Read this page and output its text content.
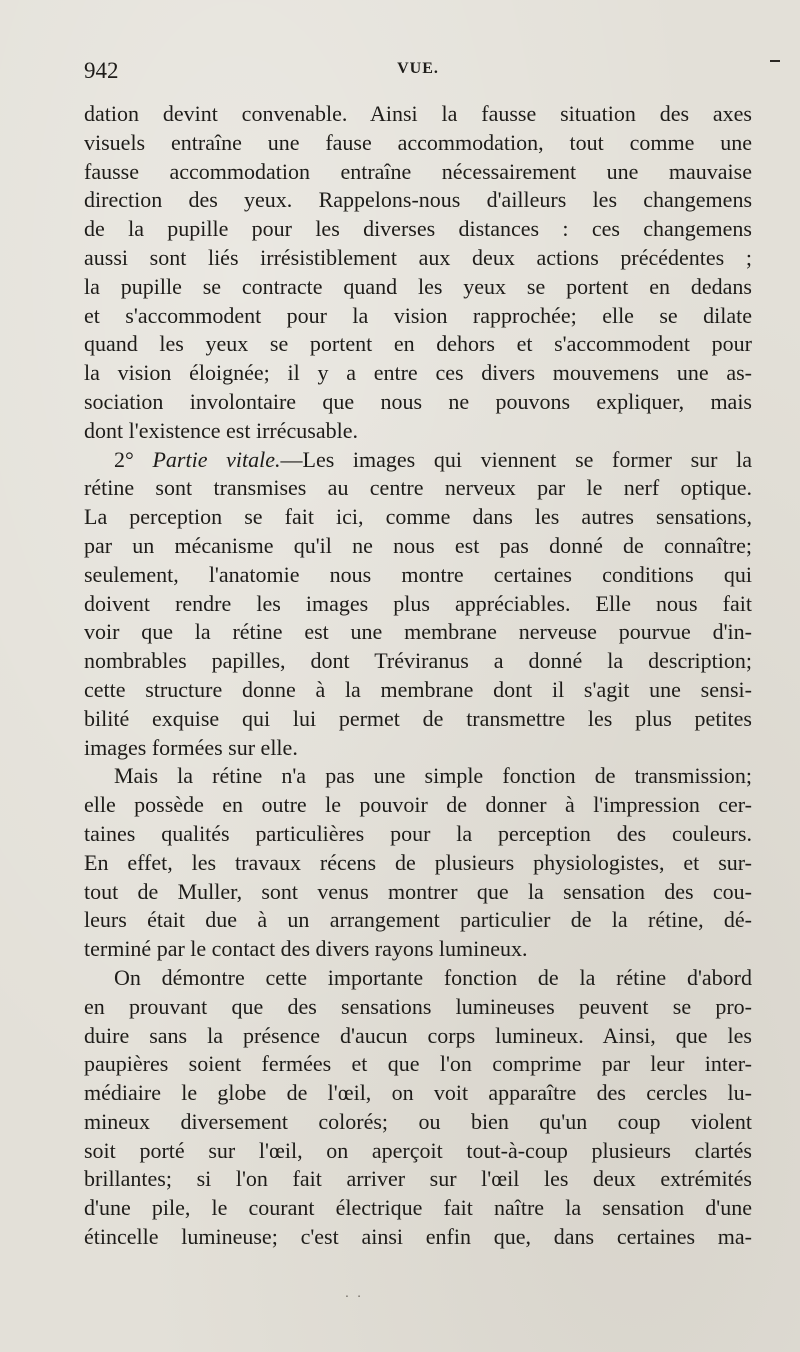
942	VUE.
dation devint convenable. Ainsi la fausse situation des axes
visuels entraîne une fause accommodation, tout comme une
fausse accommodation entraîne nécessairement une mauvaise
direction des yeux. Rappelons-nous d'ailleurs les changemens
de la pupille pour les diverses distances : ces changemens
aussi sont liés irrésistiblement aux deux actions précédentes ;
la pupille se contracte quand les yeux se portent en dedans
et s'accommodent pour la vision rapprochée; elle se dilate
quand les yeux se portent en dehors et s'accommodent pour
la vision éloignée; il y a entre ces divers mouvemens une as-
sociation involontaire que nous ne pouvons expliquer, mais
dont l'existence est irrécusable.
2° Partie vitale.—Les images qui viennent se former sur la
rétine sont transmises au centre nerveux par le nerf optique.
La perception se fait ici, comme dans les autres sensations,
par un mécanisme qu'il ne nous est pas donné de connaître;
seulement, l'anatomie nous montre certaines conditions qui
doivent rendre les images plus appréciables. Elle nous fait
voir que la rétine est une membrane nerveuse pourvue d'in-
nombrables papilles, dont Tréviranus a donné la description;
cette structure donne à la membrane dont il s'agit une sensi-
bilité exquise qui lui permet de transmettre les plus petites
images formées sur elle.
Mais la rétine n'a pas une simple fonction de transmission;
elle possède en outre le pouvoir de donner à l'impression cer-
taines qualités particulières pour la perception des couleurs.
En effet, les travaux récens de plusieurs physiologistes, et sur-
tout de Muller, sont venus montrer que la sensation des cou-
leurs était due à un arrangement particulier de la rétine, dé-
terminé par le contact des divers rayons lumineux.
On démontre cette importante fonction de la rétine d'abord
en prouvant que des sensations lumineuses peuvent se pro-
duire sans la présence d'aucun corps lumineux. Ainsi, que les
paupières soient fermées et que l'on comprime par leur inter-
médiaire le globe de l'œil, on voit apparaître des cercles lu-
mineux diversement colorés; ou bien qu'un coup violent
soit porté sur l'œil, on aperçoit tout-à-coup plusieurs clartés
brillantes; si l'on fait arriver sur l'œil les deux extrémités
d'une pile, le courant électrique fait naître la sensation d'une
étincelle lumineuse; c'est ainsi enfin que, dans certaines ma-
· ·
